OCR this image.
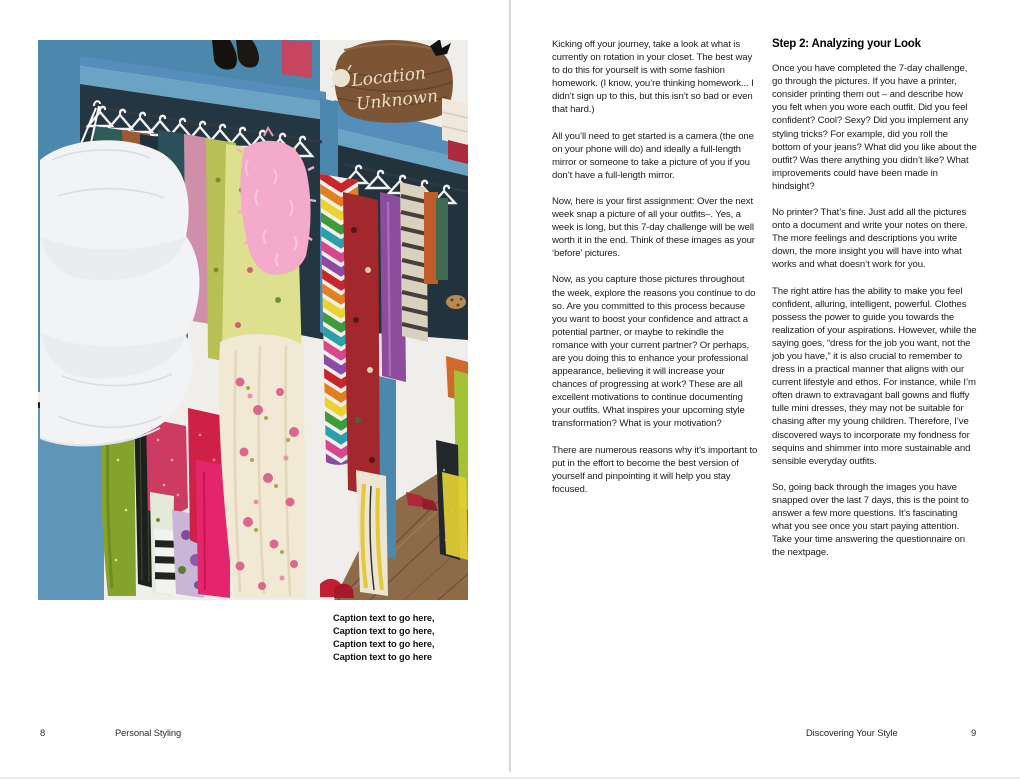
Location
Unknown
Caption text to go here, Caption text to go here, Caption text to go here, Caption text to go here
8	Personal Styling

Kicking off your journey, take a look at what is currently on rotation in your closet. The best way to do this for yourself is with some fashion homework. (I know, you’re thinking homework... I didn’t sign up to this, but this isn’t so bad or even that hard.)

All you’ll need to get started is a camera (the one on your phone will do) and ideally a full-length mirror or someone to take a picture of you if you don’t have a full-length mirror.

Now, here is your first assignment: Over the next week snap a picture of all your outfits–. Yes, a week is long, but this 7-day challenge will be well worth it in the end. Think of these images as your ‘before’ pictures.

Now, as you capture those pictures throughout the week, explore the reasons you continue to do so. Are you committed to this process because you want to boost your confidence and attract a potential partner, or maybe to rekindle the romance with your current partner? Or perhaps, are you doing this to enhance your professional appearance, believing it will increase your chances of progressing at work? These are all excellent motivations to continue documenting your outfits. What inspires your upcoming style transformation? What is your motivation?

There are numerous reasons why it’s important to put in the effort to become the best version of yourself and pinpointing it will help you stay focused.

Step 2: Analyzing your Look

Once you have completed the 7-day challenge, go through the pictures. If you have a printer, consider printing them out – and describe how you felt when you wore each outfit. Did you feel confident? Cool? Sexy? Did you implement any styling tricks? For example, did you roll the bottom of your jeans? What did you like about the outfit? Was there anything you didn’t like? What improvements could have been made in hindsight?

No printer? That’s fine. Just add all the pictures onto a document and write your notes on there. The more feelings and descriptions you write down, the more insight you will have into what works and what doesn’t work for you.

The right attire has the ability to make you feel confident, alluring, intelligent, powerful. Clothes possess the power to guide you towards the realization of your aspirations. However, while the saying goes, “dress for the job you want, not the job you have,” it is also crucial to remember to dress in a practical manner that aligns with our current lifestyle and ethos. For instance, while I’m often drawn to extravagant ball gowns and fluffy tulle mini dresses, they may not be suitable for chasing after my young children. Therefore, I’ve discovered ways to incorporate my fondness for sequins and shimmer into more sustainable and sensible everyday outfits.

So, going back through the images you have snapped over the last 7 days, this is the point to answer a few more questions. It’s fascinating what you see once you start paying attention. Take your time answering the questionnaire on the nextpage.

Discovering Your Style	9
